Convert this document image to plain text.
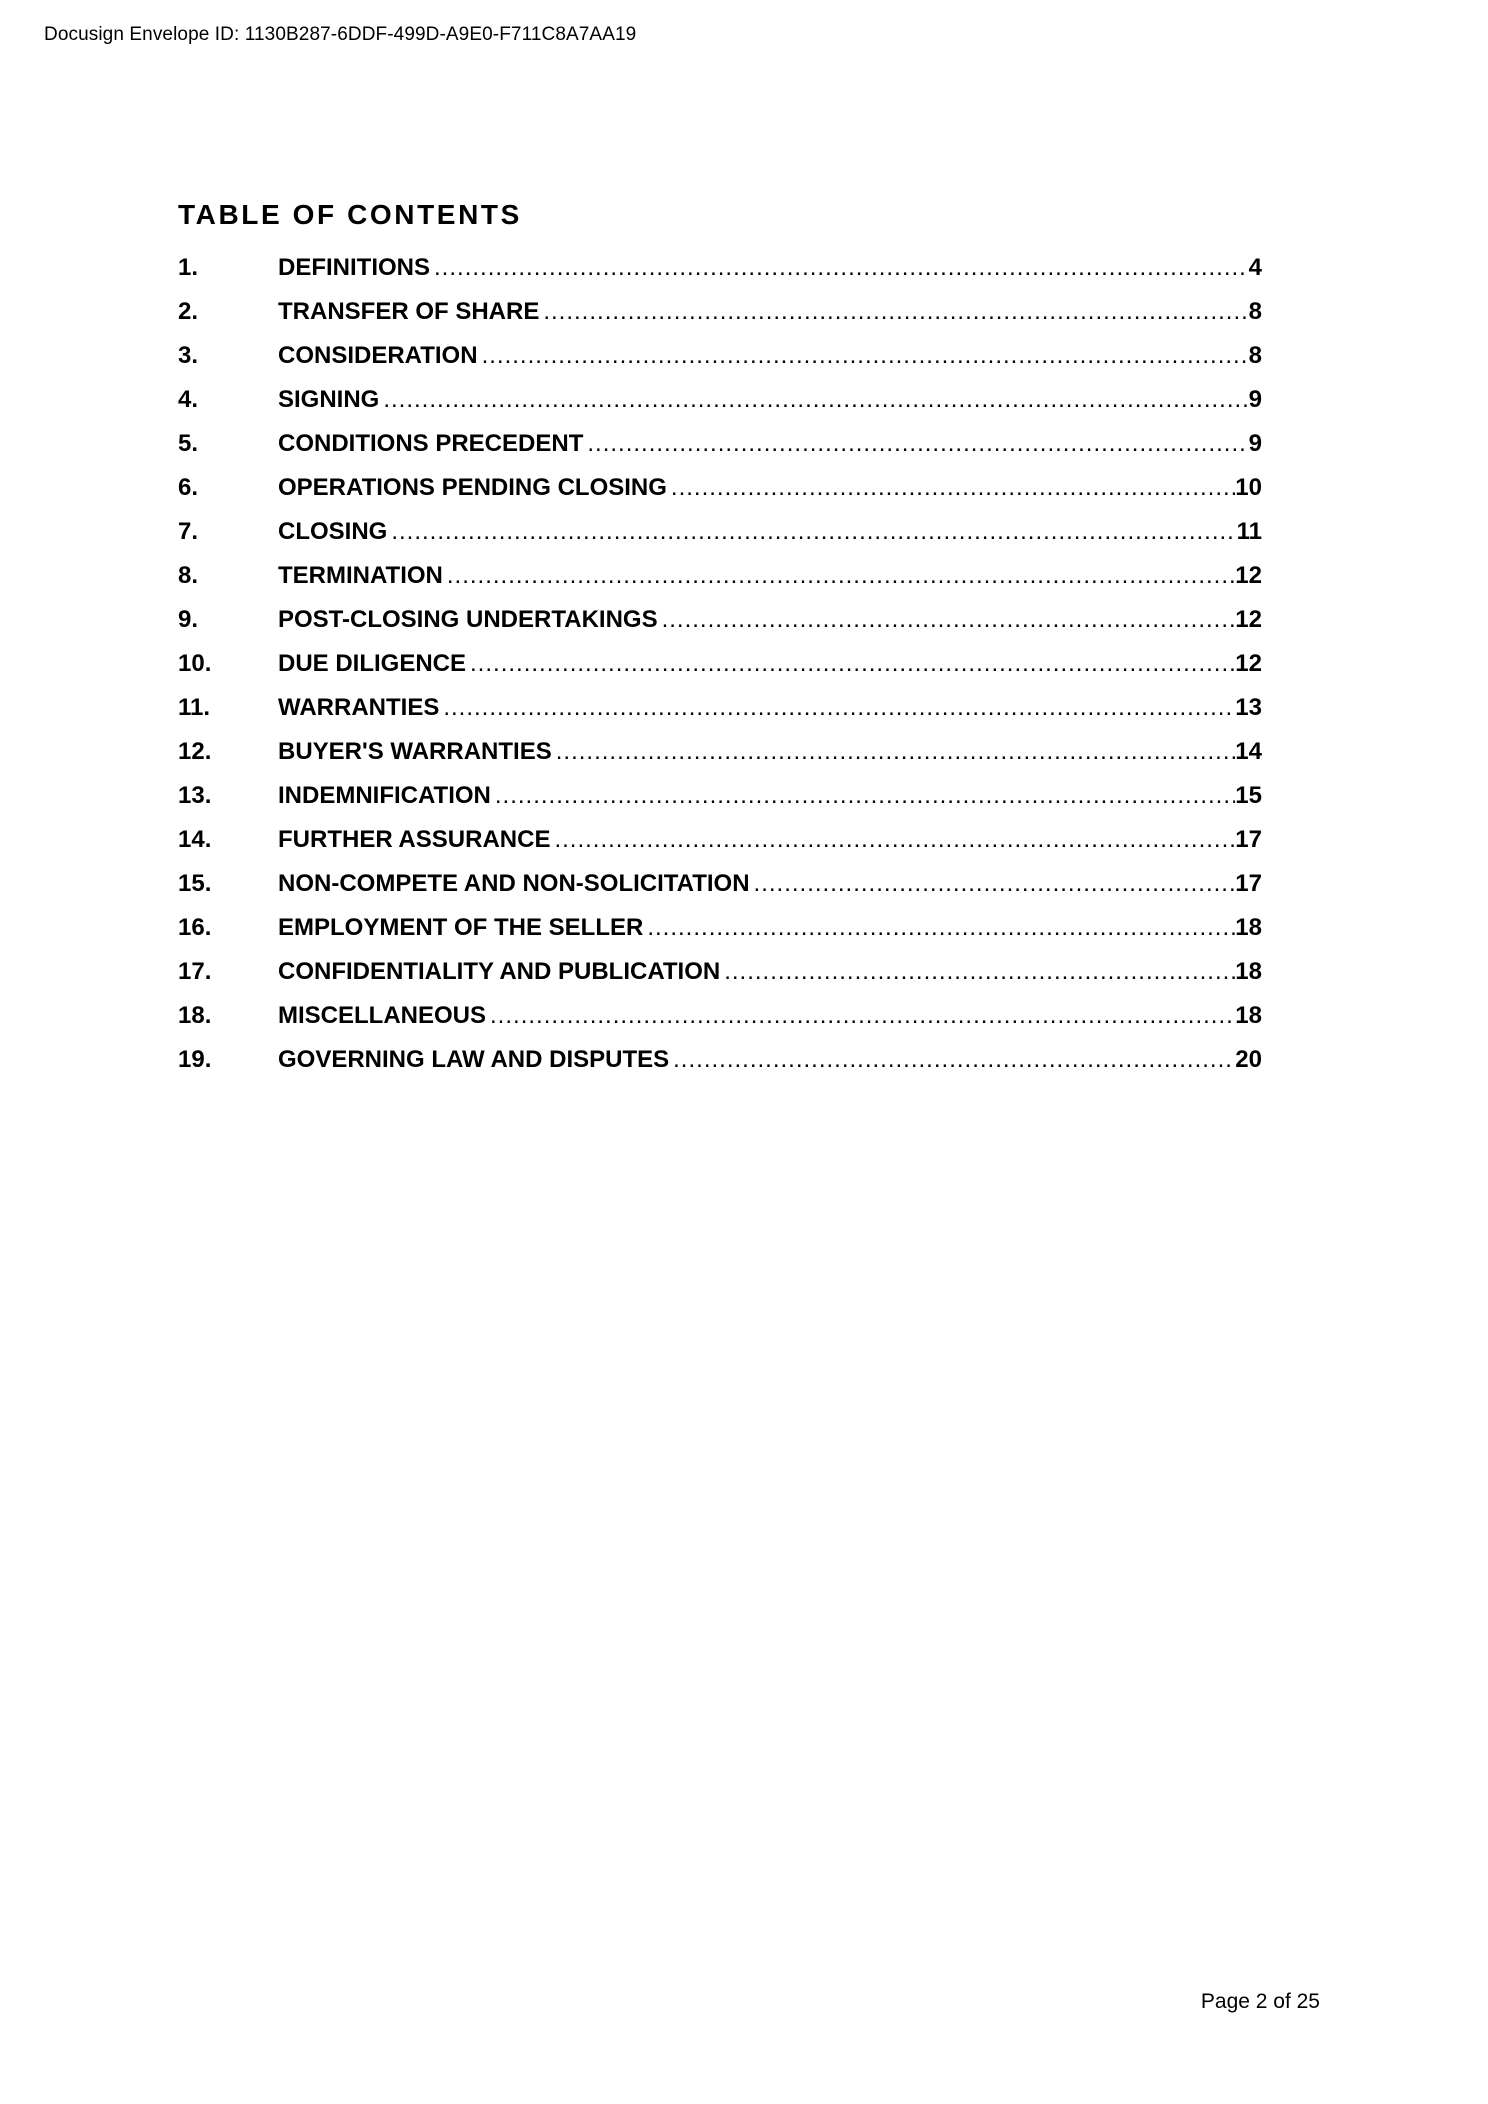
Docusign Envelope ID: 1130B287-6DDF-499D-A9E0-F711C8A7AA19
TABLE OF CONTENTS
1.	DEFINITIONS .....	4
2.	TRANSFER OF SHARE .....	8
3.	CONSIDERATION .....	8
4.	SIGNING .....	9
5.	CONDITIONS PRECEDENT .....	9
6.	OPERATIONS PENDING CLOSING .....	10
7.	CLOSING .....	11
8.	TERMINATION .....	12
9.	POST-CLOSING UNDERTAKINGS .....	12
10.	DUE DILIGENCE .....	12
11.	WARRANTIES .....	13
12.	BUYER'S WARRANTIES .....	14
13.	INDEMNIFICATION .....	15
14.	FURTHER ASSURANCE .....	17
15.	NON-COMPETE AND NON-SOLICITATION .....	17
16.	EMPLOYMENT OF THE SELLER .....	18
17.	CONFIDENTIALITY AND PUBLICATION .....	18
18.	MISCELLANEOUS .....	18
19.	GOVERNING LAW AND DISPUTES .....	20
Page 2 of 25
